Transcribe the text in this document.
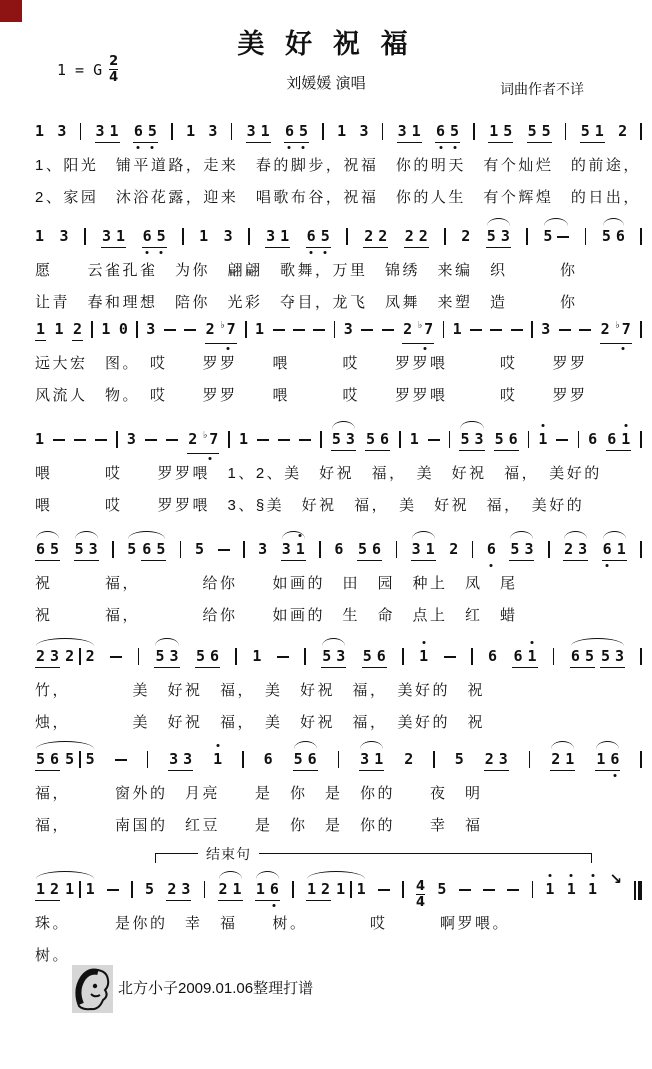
美 好 祝 福
1 = G $\frac{2}{4}$	刘媛媛 演唱	词曲作者不详
1 3 3 1 6 5 1 3 3 1 6 5 1 3 3 1 6 5 1 5 5 5 5 1 2
1、阳光　铺平道路，走来　春的脚步，祝福　你的明天　有个灿烂　的前途，
2、家园　沐浴花露，迎来　唱歌布谷，祝福　你的人生　有个辉煌　的日出，
1 3 3 1 6 5 1 3 3 1 6 5 2 2 2 2 2 5 3 5	5 6
愿　　云雀孔雀　为你　翩翩　歌舞，万里　锦绣　来编　织　　　你
让青　春和理想　陪你　光彩　夺目，龙飞　凤舞　来塑　造　　　你
1 1 2 1 0 3	2 ♭7 1	3	2 ♭7 1	3	2 ♭7
远大宏　图。　哎　　罗罗　　喂　　　哎　　罗罗喂　　　哎　　罗罗
风流人　物。　哎　　罗罗　　喂　　　哎　　罗罗喂　　　哎　　罗罗
1	3	2 ♭7 1	5 3 5 6 1	5 3 5 6 1	6 6 1
喂　　　哎　　罗罗喂　1、2、美　好祝　福，　美　好祝　福，　美好的
喂　　　哎　　罗罗喂　3、§美　好祝　福，　美　好祝　福，　美好的
6 5 5 3 5 6 5 5	3 3 1 6 5 6 3 1 2 6 5 3 2 3 6 1
祝　　　福，　　　　给你　　如画的　田　园　种上　凤　尾
祝　　　福，　　　　给你　　如画的　生　命　点上　红　蜡
2 3 2 2	5 3 5 6 1	5 3 5 6 1	6 6 1 6 5 5 3
竹，　　　　美　好祝　福，　美　好祝　福，　美好的　祝
烛，　　　　美　好祝　福，　美　好祝　福，　美好的　祝
5 6 5 5	3 3 1	6 5 6	3 1 2	5 2 3	2 1 1 6
福，　　　窗外的　月亮　　是　你　是　你的　　夜　明
福，　　　南国的　红豆　　是　你　是　你的　　幸　福
1 2 1 1	5 2 3 2 1 1 6 1 2 1 1	$\frac{4}{4} 5$	1 1 1
↘
珠。　　　是你的　幸　福　　树。　　　　哎　　　啊罗喂。
树。
结束句
北方小子2009.01.06整理打谱
